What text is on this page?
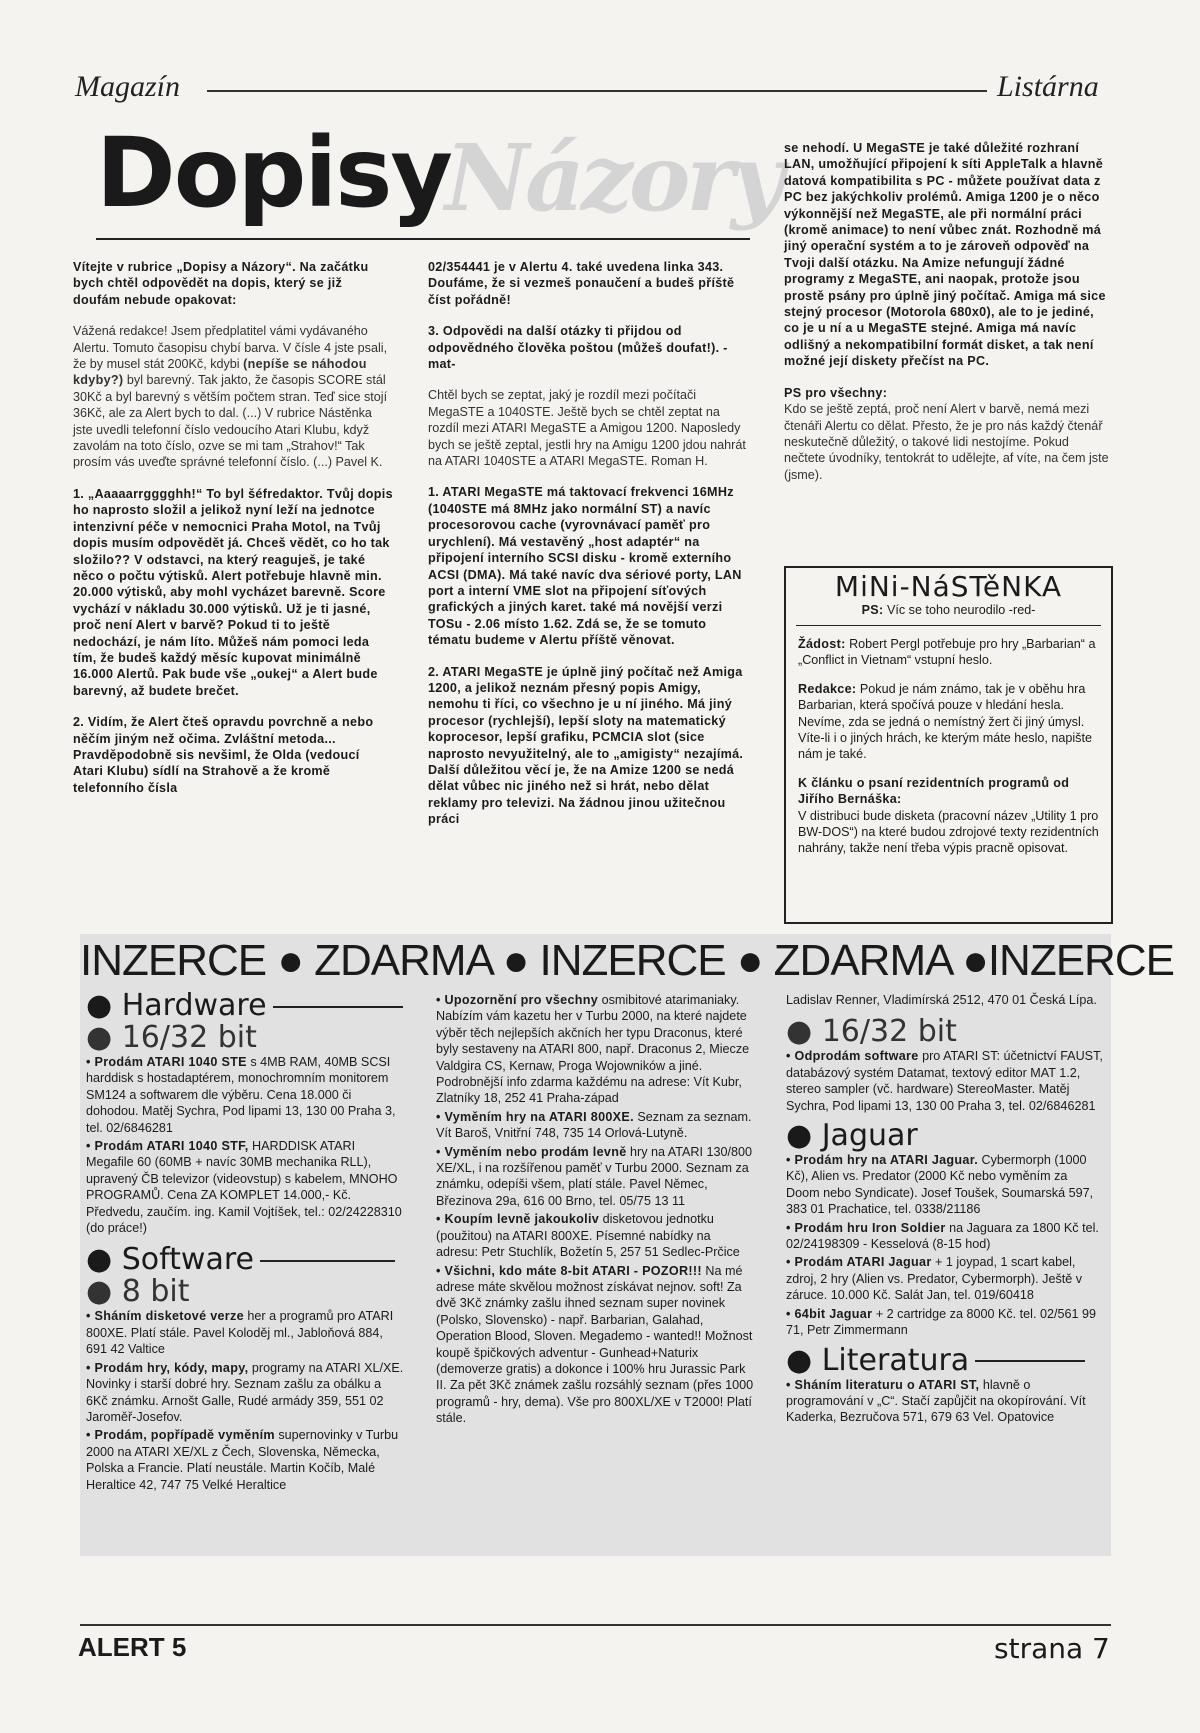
Magazín	Listárna
Názory
Dopisy

Vítejte v rubrice „Dopisy a Názory“. Na začátku bych chtěl odpovědět na dopis, který se již doufám nebude opakovat:

Vážená redakce! Jsem předplatitel vámi vydávaného Alertu. Tomuto časopisu chybí barva. V čísle 4 jste psali, že by musel stát 200Kč, kdybi (nepíše se náhodou kdyby?) byl barevný. Tak jakto, že časopis SCORE stál 30Kč a byl barevný s větším počtem stran. Teď sice stojí 36Kč, ale za Alert bych to dal. (...) V rubrice Nástěnka jste uvedli telefonní číslo vedoucího Atari Klubu, když zavolám na toto číslo, ozve se mi tam „Strahov!“ Tak prosím vás uveďte správné telefonní číslo. (...) Pavel K.

1. „Aaaaarrgggghh!“ To byl šéfredaktor. Tvůj dopis ho naprosto složil a jelikož nyní leží na jednotce intenzivní péče v nemocnici Praha Motol, na Tvůj dopis musím odpovědět já. Chceš vědět, co ho tak složilo?? V odstavci, na který reaguješ, je také něco o počtu výtisků. Alert potřebuje hlavně min. 20.000 výtisků, aby mohl vycházet barevně. Score vychází v nákladu 30.000 výtisků. Už je ti jasné, proč není Alert v barvě? Pokud ti to ještě nedochází, je nám líto. Můžeš nám pomoci leda tím, že budeš každý měsíc kupovat minimálně 16.000 Alertů. Pak bude vše „oukej“ a Alert bude barevný, až budete brečet.

2. Vidím, že Alert čteš opravdu povrchně a nebo něčím jiným než očima. Zvláštní metoda... Pravděpodobně sis nevšiml, že Olda (vedoucí Atari Klubu) sídlí na Strahově a že kromě telefonního čísla

02/354441 je v Alertu 4. také uvedena linka 343. Doufáme, že si vezmeš ponaučení a budeš příště číst pořádně!

3. Odpovědi na další otázky ti přijdou od odpovědného člověka poštou (můžeš doufat!). -mat-

Chtěl bych se zeptat, jaký je rozdíl mezi počítači MegaSTE a 1040STE. Ještě bych se chtěl zeptat na rozdíl mezi ATARI MegaSTE a Amigou 1200. Naposledy bych se ještě zeptal, jestli hry na Amigu 1200 jdou nahrát na ATARI 1040STE a ATARI MegaSTE. Roman H.

1. ATARI MegaSTE má taktovací frekvenci 16MHz (1040STE má 8MHz jako normální ST) a navíc procesorovou cache (vyrovnávací paměť pro urychlení). Má vestavěný „host adaptér“ na připojení interního SCSI disku - kromě externího ACSI (DMA). Má také navíc dva sériové porty, LAN port a interní VME slot na připojení síťových grafických a jiných karet. také má novější verzi TOSu - 2.06 místo 1.62. Zdá se, že se tomuto tématu budeme v Alertu příště věnovat.

2. ATARI MegaSTE je úplně jiný počítač než Amiga 1200, a jelikož neznám přesný popis Amigy, nemohu ti říci, co všechno je u ní jiného. Má jiný procesor (rychlejší), lepší sloty na matematický koprocesor, lepší grafiku, PCMCIA slot (sice naprosto nevyužitelný, ale to „amigisty“ nezajímá. Další důležitou věcí je, že na Amize 1200 se nedá dělat vůbec nic jiného než si hrát, nebo dělat reklamy pro televizi. Na žádnou jinou užitečnou práci

se nehodí. U MegaSTE je také důležité rozhraní LAN, umožňující připojení k síti AppleTalk a hlavně datová kompatibilita s PC - můžete používat data z PC bez jakýchkoliv prolémů. Amiga 1200 je o něco výkonnější než MegaSTE, ale při normální práci (kromě animace) to není vůbec znát. Rozhodně má jiný operační systém a to je zároveň odpověď na Tvoji další otázku. Na Amize nefungují žádné programy z MegaSTE, ani naopak, protože jsou prostě psány pro úplně jiný počítač. Amiga má sice stejný procesor (Motorola 680x0), ale to je jediné, co je u ní a u MegaSTE stejné. Amiga má navíc odlišný a nekompatibilní formát disket, a tak není možné její diskety přečíst na PC.

PS pro všechny:

Kdo se ještě zeptá, proč není Alert v barvě, nemá mezi čtenáři Alertu co dělat. Přesto, že je pro nás každý čtenář neskutečně důležitý, o takové lidi nestojíme. Pokud nečtete úvodníky, tentokrát to udělejte, af víte, na čem jste (jsme).

MiNi-NáSTěNKA
PS: Víc se toho neurodilo -red-

Žádost: Robert Pergl potřebuje pro hry „Barbarian“ a „Conflict in Vietnam“ vstupní heslo.

Redakce: Pokud je nám známo, tak je v oběhu hra Barbarian, která spočívá pouze v hledání hesla. Nevíme, zda se jedná o nemístný žert či jiný úmysl. Víte-li i o jiných hrách, ke kterým máte heslo, napište nám je také.

K článku o psaní rezidentních programů od Jiřího Bernáška:
V distribuci bude disketa (pracovní název „Utility 1 pro BW-DOS“) na které budou zdrojové texty rezidentních nahrány, takže není třeba výpis pracně opisovat.

INZERCE ● ZDARMA ● INZERCE ● ZDARMA ●INZERCE
● Hardware
● 16/32 bit

• Prodám ATARI 1040 STE s 4MB RAM, 40MB SCSI harddisk s hostadaptérem, monochromním monitorem SM124 a softwarem dle výběru. Cena 18.000 či dohodou. Matěj Sychra, Pod lipami 13, 130 00 Praha 3, tel. 02/6846281

• Prodám ATARI 1040 STF, HARDDISK ATARI Megafile 60 (60MB + navíc 30MB mechanika RLL), upravený ČB televizor (videovstup) s kabelem, MNOHO PROGRAMŮ. Cena ZA KOMPLET 14.000,- Kč. Předvedu, zaučím. ing. Kamil Vojtíšek, tel.: 02/24228310 (do práce!)

● Software
● 8 bit

• Sháním disketové verze her a programů pro ATARI 800XE. Platí stále. Pavel Koloděj ml., Jabloňová 884, 691 42 Valtice

• Prodám hry, kódy, mapy, programy na ATARI XL/XE. Novinky i starší dobré hry. Seznam zašlu za obálku a 6Kč známku. Arnošt Galle, Rudé armády 359, 551 02 Jaroměř-Josefov.

• Prodám, popřípadě vyměním supernovinky v Turbu 2000 na ATARI XE/XL z Čech, Slovenska, Německa, Polska a Francie. Platí neustále. Martin Kočíb, Malé Heraltice 42, 747 75 Velké Heraltice

• Upozornění pro všechny osmibitové atarimaniaky. Nabízím vám kazetu her v Turbu 2000, na které najdete výběr těch nejlepších akčních her typu Draconus, které byly sestaveny na ATARI 800, např. Draconus 2, Miecze Valdgira CS, Kernaw, Proga Wojowników a jiné. Podrobnější info zdarma každému na adrese: Vít Kubr, Zlatníky 18, 252 41 Praha-západ

• Vyměním hry na ATARI 800XE. Seznam za seznam. Vít Baroš, Vnitřní 748, 735 14 Orlová-Lutyně.

• Vyměním nebo prodám levně hry na ATARI 130/800 XE/XL, i na rozšířenou paměť v Turbu 2000. Seznam za známku, odepíši všem, platí stále. Pavel Němec, Březinova 29a, 616 00 Brno, tel. 05/75 13 11

• Koupím levně jakoukoliv disketovou jednotku (použitou) na ATARI 800XE. Písemné nabídky na adresu: Petr Stuchlík, Božetín 5, 257 51 Sedlec-Prčice

• Všichni, kdo máte 8-bit ATARI - POZOR!!! Na mé adrese máte skvělou možnost získávat nejnov. soft! Za dvě 3Kč známky zašlu ihned seznam super novinek (Polsko, Slovensko) - např. Barbarian, Galahad, Operation Blood, Sloven. Megademo - wanted!! Možnost koupě špičkových adventur - Gunhead+Naturix (demoverze gratis) a dokonce i 100% hru Jurassic Park II. Za pět 3Kč známek zašlu rozsáhlý seznam (přes 1000 programů - hry, dema). Vše pro 800XL/XE v T2000! Platí stále.

Ladislav Renner, Vladimírská 2512, 470 01 Česká Lípa.

● 16/32 bit

• Odprodám software pro ATARI ST: účetnictví FAUST, databázový systém Datamat, textový editor MAT 1.2, stereo sampler (vč. hardware) StereoMaster. Matěj Sychra, Pod lipami 13, 130 00 Praha 3, tel. 02/6846281

● Jaguar

• Prodám hry na ATARI Jaguar. Cybermorph (1000 Kč), Alien vs. Predator (2000 Kč nebo vyměním za Doom nebo Syndicate). Josef Toušek, Soumarská 597, 383 01 Prachatice, tel. 0338/21186

• Prodám hru Iron Soldier na Jaguara za 1800 Kč tel. 02/24198309 - Kesselová (8-15 hod)

• Prodám ATARI Jaguar + 1 joypad, 1 scart kabel, zdroj, 2 hry (Alien vs. Predator, Cybermorph). Ještě v záruce. 10.000 Kč. Salát Jan, tel. 019/60418

• 64bit Jaguar + 2 cartridge za 8000 Kč. tel. 02/561 99 71, Petr Zimmermann

● Literatura

• Sháním literaturu o ATARI ST, hlavně o programování v „C“. Stačí zapůjčit na okopírování. Vít Kaderka, Bezručova 571, 679 63 Vel. Opatovice

ALERT 5	strana 7
